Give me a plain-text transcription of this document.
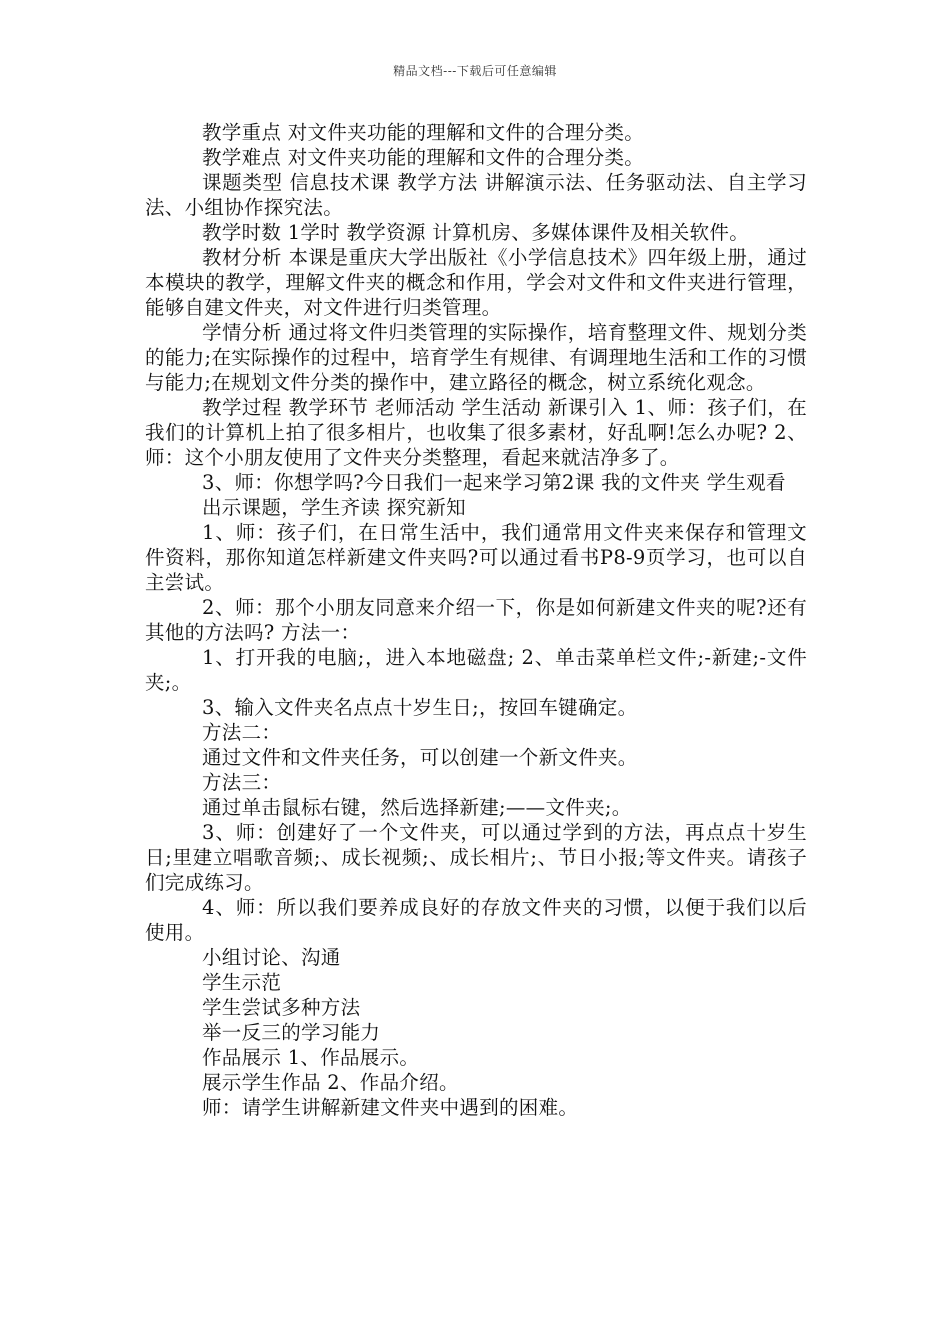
精品文档---下载后可任意编辑

教学重点 对文件夹功能的理解和文件的合理分类。

教学难点 对文件夹功能的理解和文件的合理分类。

课题类型 信息技术课 教学方法 讲解演示法、任务驱动法、自主学习法、小组协作探究法。

教学时数 1学时 教学资源 计算机房、多媒体课件及相关软件。

教材分析 本课是重庆大学出版社《小学信息技术》四年级上册，通过本模块的教学，理解文件夹的概念和作用，学会对文件和文件夹进行管理，能够自建文件夹，对文件进行归类管理。

学情分析 通过将文件归类管理的实际操作，培育整理文件、规划分类的能力;在实际操作的过程中，培育学生有规律、有调理地生活和工作的习惯与能力;在规划文件分类的操作中，建立路径的概念，树立系统化观念。

教学过程 教学环节 老师活动 学生活动 新课引入 1、师：孩子们，在我们的计算机上拍了很多相片，也收集了很多素材，好乱啊!怎么办呢? 2、师：这个小朋友使用了文件夹分类整理，看起来就洁净多了。

3、师：你想学吗?今日我们一起来学习第2课 我的文件夹 学生观看

出示课题，学生齐读 探究新知

1、师：孩子们，在日常生活中，我们通常用文件夹来保存和管理文件资料，那你知道怎样新建文件夹吗?可以通过看书P8-9页学习，也可以自主尝试。

2、师：那个小朋友同意来介绍一下，你是如何新建文件夹的呢?还有其他的方法吗? 方法一：

1、打开我的电脑;，进入本地磁盘; 2、单击菜单栏文件;-新建;-文件夹;。

3、输入文件夹名点点十岁生日;，按回车键确定。

方法二：

通过文件和文件夹任务，可以创建一个新文件夹。

方法三：

通过单击鼠标右键，然后选择新建;——文件夹;。

3、师：创建好了一个文件夹，可以通过学到的方法，再点点十岁生日;里建立唱歌音频;、成长视频;、成长相片;、节日小报;等文件夹。请孩子们完成练习。

4、师：所以我们要养成良好的存放文件夹的习惯，以便于我们以后使用。

小组讨论、沟通

学生示范

学生尝试多种方法

举一反三的学习能力

作品展示 1、作品展示。

展示学生作品 2、作品介绍。

师：请学生讲解新建文件夹中遇到的困难。
